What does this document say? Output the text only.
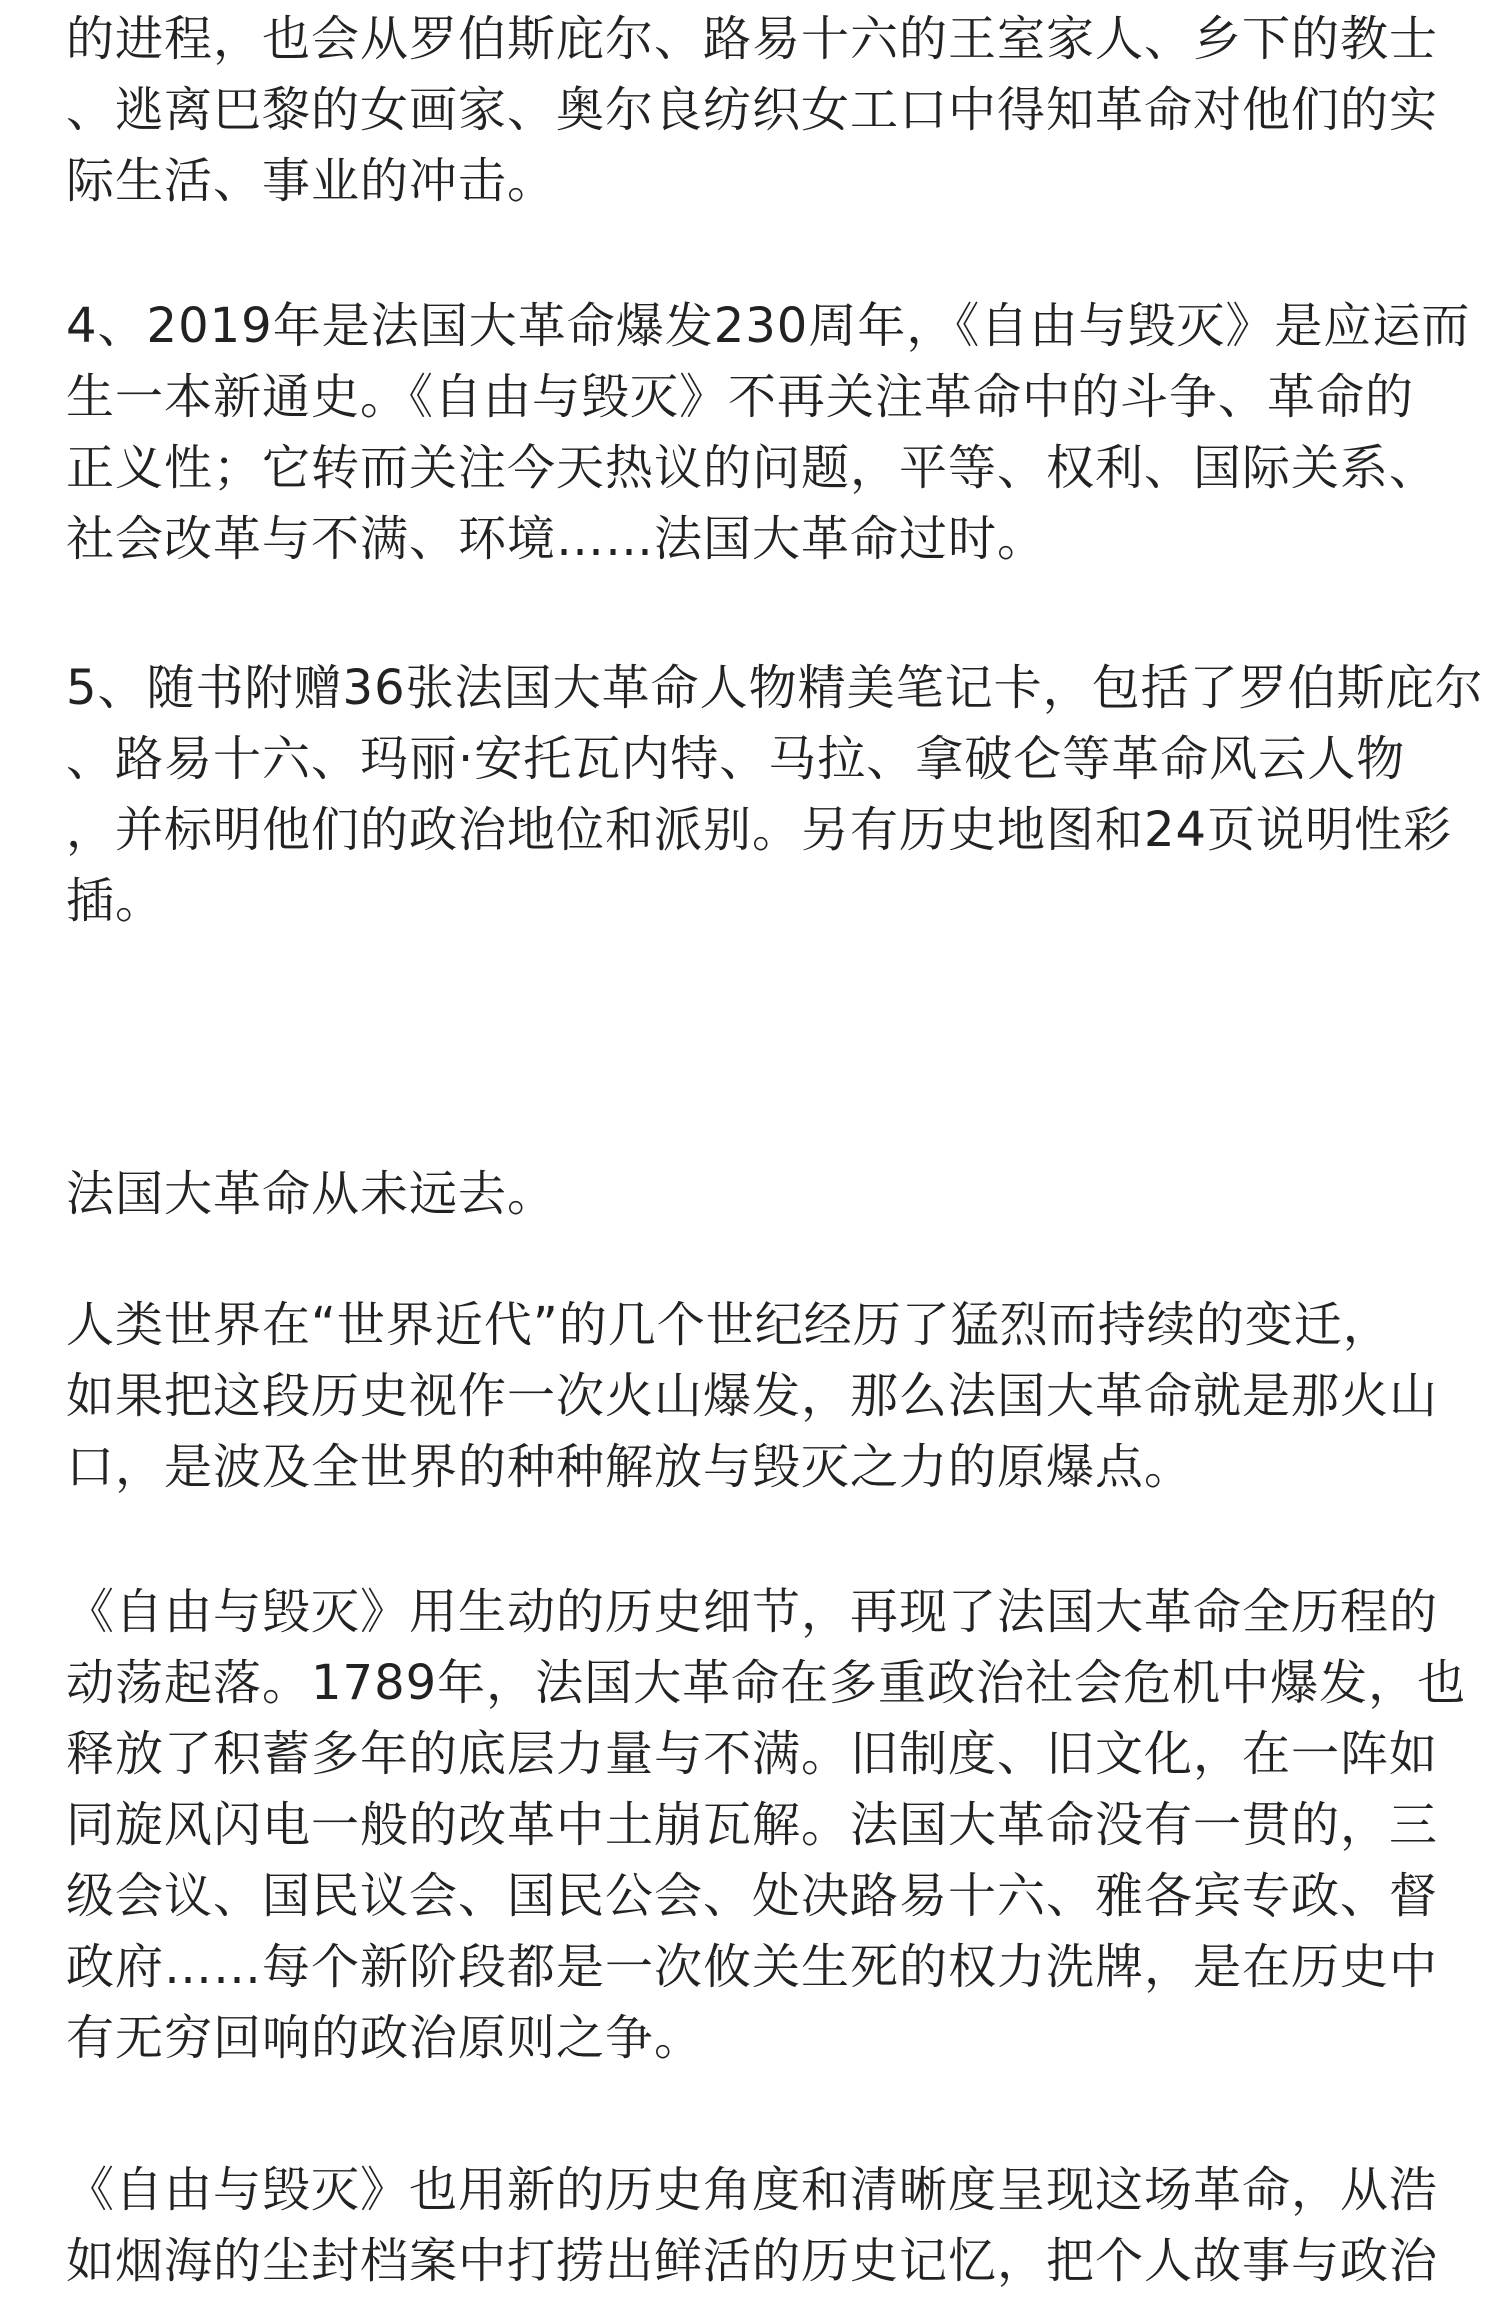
的进程，也会从罗伯斯庇尔、路易十六的王室家人、乡下的教士
、逃离巴黎的女画家、奥尔良纺织女工口中得知革命对他们的实
际生活、事业的冲击。

4、2019年是法国大革命爆发230周年，《自由与毁灭》是应运而
生一本新通史。《自由与毁灭》不再关注革命中的斗争、革命的
正义性；它转而关注今天热议的问题，平等、权利、国际关系、
社会改革与不满、环境……法国大革命过时。

5、随书附赠36张法国大革命人物精美笔记卡，包括了罗伯斯庇尔
、路易十六、玛丽·安托瓦内特、马拉、拿破仑等革命风云人物
，并标明他们的政治地位和派别。另有历史地图和24页说明性彩
插。

法国大革命从未远去。

人类世界在“世界近代”的几个世纪经历了猛烈而持续的变迁，
如果把这段历史视作一次火山爆发，那么法国大革命就是那火山
口，是波及全世界的种种解放与毁灭之力的原爆点。

《自由与毁灭》用生动的历史细节，再现了法国大革命全历程的
动荡起落。1789年，法国大革命在多重政治社会危机中爆发，也
释放了积蓄多年的底层力量与不满。旧制度、旧文化，在一阵如
同旋风闪电一般的改革中土崩瓦解。法国大革命没有一贯的，三
级会议、国民议会、国民公会、处决路易十六、雅各宾专政、督
政府……每个新阶段都是一次攸关生死的权力洗牌，是在历史中
有无穷回响的政治原则之争。

《自由与毁灭》也用新的历史角度和清晰度呈现这场革命，从浩
如烟海的尘封档案中打捞出鲜活的历史记忆，把个人故事与政治
